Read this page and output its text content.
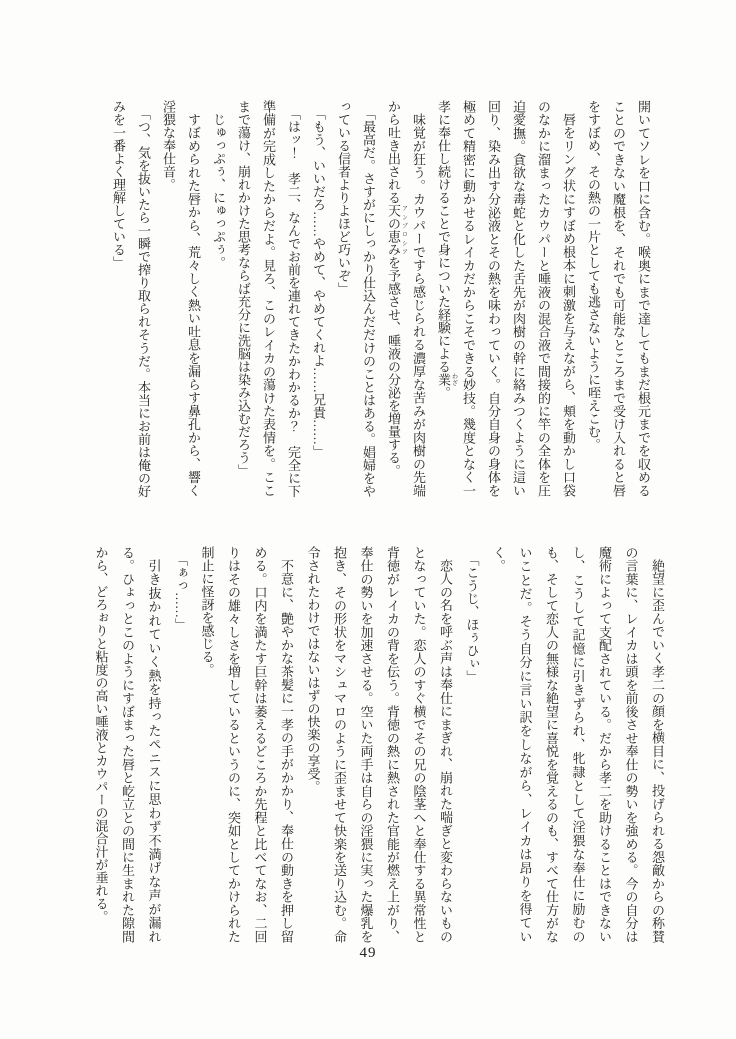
開いてソレを口に含む。喉奥にまで達してもまだ根元までを収めることのできない魔根を、それでも可能なところまで受け入れると唇をすぼめ、その熱の一片としても逃さないように咥えこむ。

唇をリング状にすぼめ根本に刺激を与えながら、頬を動かし口袋のなかに溜まったカウパーと唾液の混合液で間接的に竿の全体を圧迫愛撫。貪欲な毒蛇と化した舌先が肉樹の幹に絡みつくように這い回り、染み出す分泌液とその熱を味わっていく。自分自身の身体を極めて精密に動かせるレイカだからこそできる妙技。幾度となく一孝に奉仕し続けることで身についた経験による業 わざ。

味覚が狂う。カウパーですら感じられる濃厚な苦みが肉樹の先端から吐き出される天の恵み アンブロシアを予感させ、唾液の分泌を増量する。

「最高だ。さすがにしっかり仕込んだだけのことはある。娼婦をやっている信者よりよほど巧いぞ」

「もう、いいだろ……やめて、やめてくれよ……兄貴……」

「はッ！　孝二、なんでお前を連れてきたかわかるか？　完全に下準備が完成したからだよ。見ろ、このレイカの蕩けた表情を。ここまで蕩け、崩れかけた思考ならば充分に洗脳は染み込むだろう」

じゅっぷぅ、にゅっぷぅ。

すぼめられた唇から、荒々しく熱い吐息を漏らす鼻孔から、響く淫猥な奉仕音。

「つ、気を抜いたら一瞬で搾り取られそうだ。本当にお前は俺の好みを一番よく理解している」

絶望に歪んでいく孝二の顔を横目に、投げられる怨敵からの称賛の言葉に、レイカは頭を前後させ奉仕の勢いを強める。今の自分は魔術によって支配されている。だから孝二を助けることはできないし、こうして記憶に引きずられ、牝隷として淫猥な奉仕に励むのも、そして恋人の無様な絶望に喜悦を覚えるのも、すべて仕方がないことだ。そう自分に言い訳をしながら、レイカは昂りを得ていく。

「こうじ、ほぅひぃ」

恋人の名を呼ぶ声は奉仕にまぎれ、崩れた喘ぎと変わらないものとなっていた。恋人のすぐ横でその兄の陰茎へと奉仕する異常性と背徳がレイカの背を伝う。背徳の熱に熱された官能が燃え上がり、奉仕の勢いを加速させる。空いた両手は自らの淫猥に実った爆乳を抱き、その形状をマシュマロのように歪ませて快楽を送り込む。命令されたわけではないはずの快楽の享受。

不意に、艶やかな茶髪に一孝の手がかかり、奉仕の動きを押し留める。口内を満たす巨幹は萎えるどころか先程と比べてなお、二回りはその雄々しさを増しているというのに、突如としてかけられた制止に怪訝を感じる。

「ぁっ……」

引き抜かれていく熱を持ったペニスに思わず不満げな声が漏れる。ひょっとこのようにすぼまった唇と屹立との間に生まれた隙間から、どろぉりと粘度の高い唾液とカウパーの混合汁が垂れる。

49
